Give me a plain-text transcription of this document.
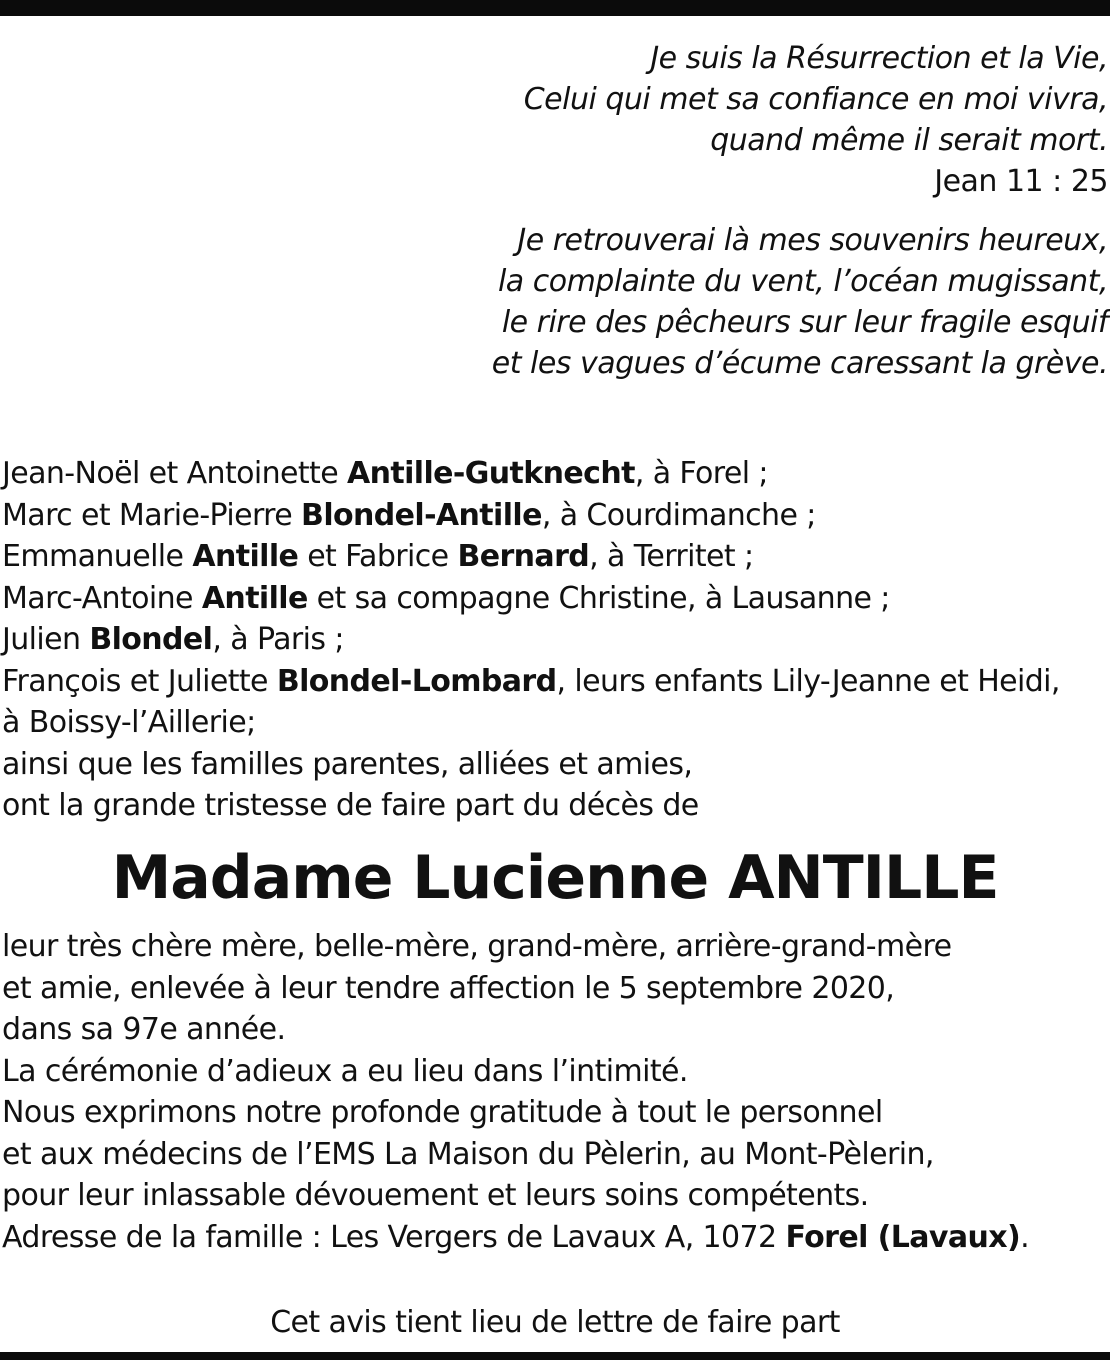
Je suis la Résurrection et la Vie,
Celui qui met sa confiance en moi vivra,
quand même il serait mort.
Jean 11 : 25
Je retrouverai là mes souvenirs heureux,
la complainte du vent, l’océan mugissant,
le rire des pêcheurs sur leur fragile esquif
et les vagues d’écume caressant la grève.
Jean-Noël et Antoinette Antille-Gutknecht, à Forel ;
Marc et Marie-Pierre Blondel-Antille, à Courdimanche ;
Emmanuelle Antille et Fabrice Bernard, à Territet ;
Marc-Antoine Antille et sa compagne Christine, à Lausanne ;
Julien Blondel, à Paris ;
François et Juliette Blondel-Lombard, leurs enfants Lily-Jeanne et Heidi,
à Boissy-l’Aillerie;
ainsi que les familles parentes, alliées et amies,
ont la grande tristesse de faire part du décès de
Madame Lucienne ANTILLE
leur très chère mère, belle-mère, grand-mère, arrière-grand-mère
et amie, enlevée à leur tendre affection le 5 septembre 2020,
dans sa 97e année.
La cérémonie d’adieux a eu lieu dans l’intimité.
Nous exprimons notre profonde gratitude à tout le personnel
et aux médecins de l’EMS La Maison du Pèlerin, au Mont-Pèlerin,
pour leur inlassable dévouement et leurs soins compétents.
Adresse de la famille : Les Vergers de Lavaux A, 1072 Forel (Lavaux).
Cet avis tient lieu de lettre de faire part
